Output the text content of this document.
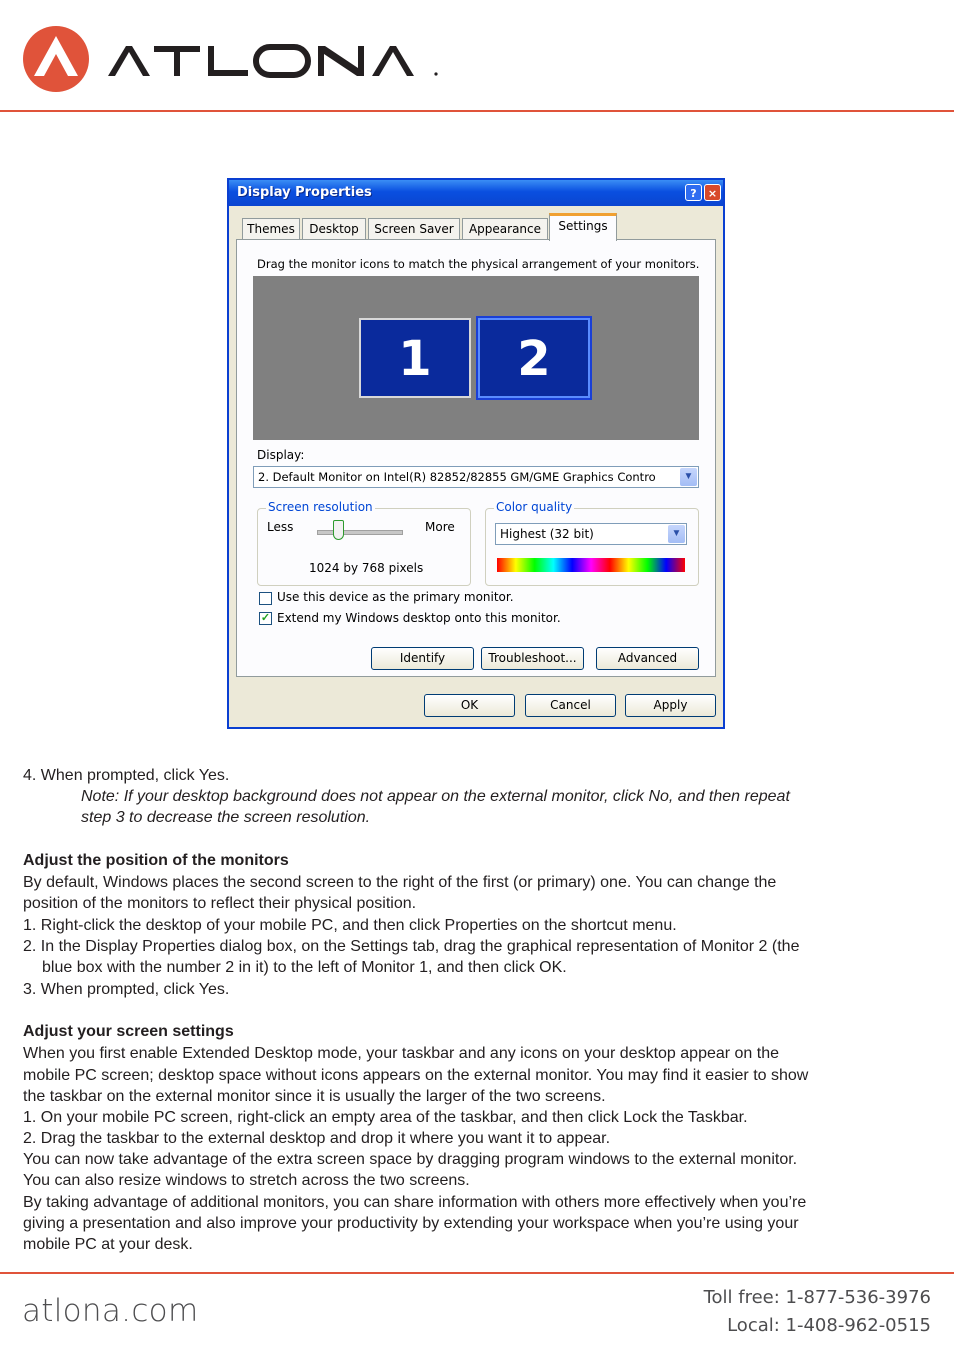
Display Properties	?	×
Themes	Desktop	Screen Saver	Appearance	Settings
Drag the monitor icons to match the physical arrangement of your monitors.
1	2
Display:
2. Default Monitor on Intel(R) 82852/82855 GM/GME Graphics Contro	▼
Screen resolution
Less	More
1024 by 768 pixels
Color quality
Highest (32 bit)	▼
Use this device as the primary monitor.
✓ Extend my Windows desktop onto this monitor.
Identify	Troubleshoot...	Advanced
OK	Cancel	Apply
4. When prompted, click Yes.
Note: If your desktop background does not appear on the external monitor, click No, and then repeat
step 3 to decrease the screen resolution.
Adjust the position of the monitors
By default, Windows places the second screen to the right of the first (or primary) one. You can change the
position of the monitors to reflect their physical position.
1. Right-click the desktop of your mobile PC, and then click Properties on the shortcut menu.
2. In the Display Properties dialog box, on the Settings tab, drag the graphical representation of Monitor 2 (the
blue box with the number 2 in it) to the left of Monitor 1, and then click OK.
3. When prompted, click Yes.
Adjust your screen settings
When you first enable Extended Desktop mode, your taskbar and any icons on your desktop appear on the
mobile PC screen; desktop space without icons appears on the external monitor. You may find it easier to show
the taskbar on the external monitor since it is usually the larger of the two screens.
1. On your mobile PC screen, right-click an empty area of the taskbar, and then click Lock the Taskbar.
2. Drag the taskbar to the external desktop and drop it where you want it to appear.
You can now take advantage of the extra screen space by dragging program windows to the external monitor.
You can also resize windows to stretch across the two screens.
By taking advantage of additional monitors, you can share information with others more effectively when you’re
giving a presentation and also improve your productivity by extending your workspace when you’re using your
mobile PC at your desk.
atlona.com	Toll free: 1-877-536-3976
Local: 1-408-962-0515
